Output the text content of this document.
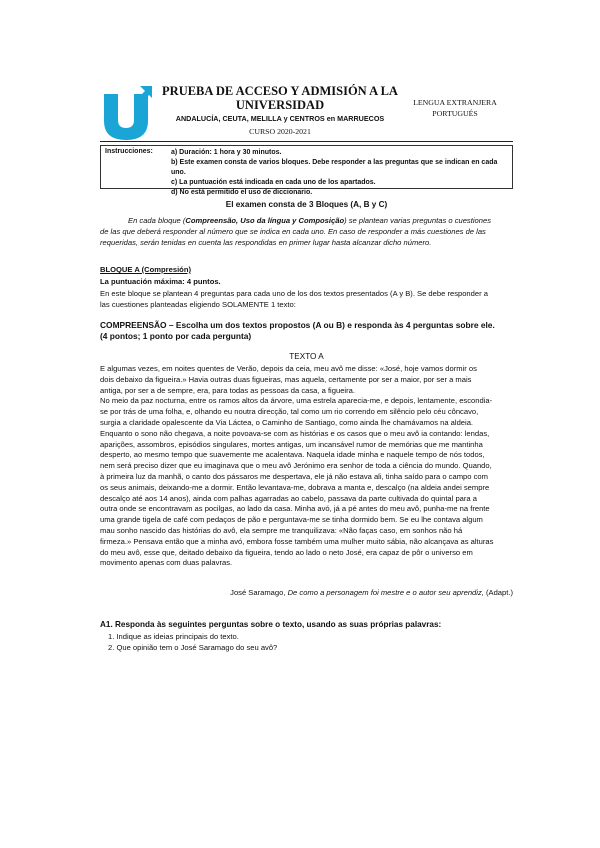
PRUEBA DE ACCESO Y ADMISIÓN A LA
UNIVERSIDAD
ANDALUCÍA, CEUTA, MELILLA y CENTROS en MARRUECOS
CURSO 2020-2021
LENGUA EXTRANJERA
PORTUGUÉS
Instrucciones:	a) Duración: 1 hora y 30 minutos.
b) Este examen consta de varios bloques. Debe responder a las preguntas que se indican en cada uno.
c) La puntuación está indicada en cada uno de los apartados.
d) No está permitido el uso de diccionario.
El examen consta de 3 Bloques (A, B y C)
En cada bloque (Compreensão, Uso da língua y Composição) se plantean varias preguntas o cuestiones
de las que deberá responder al número que se indica en cada uno. En caso de responder a más cuestiones de las
requeridas, serán tenidas en cuenta las respondidas en primer lugar hasta alcanzar dicho número.
BLOQUE A (Compresión)
La puntuación máxima: 4 puntos.
En este bloque se plantean 4 preguntas para cada uno de los dos textos presentados (A y B). Se debe responder a
las cuestiones planteadas eligiendo SOLAMENTE 1 texto:
COMPREENSÃO – Escolha um dos textos propostos (A ou B) e responda às 4 perguntas sobre ele.
(4 pontos; 1 ponto por cada pergunta)
TEXTO A
E algumas vezes, em noites quentes de Verão, depois da ceia, meu avô me disse: «José, hoje vamos dormir os
dois debaixo da figueira.» Havia outras duas figueiras, mas aquela, certamente por ser a maior, por ser a mais
antiga, por ser a de sempre, era, para todas as pessoas da casa, a figueira.
No meio da paz nocturna, entre os ramos altos da árvore, uma estrela aparecia-me, e depois, lentamente, escondia-
se por trás de uma folha, e, olhando eu noutra direcção, tal como um rio correndo em silêncio pelo céu côncavo,
surgia a claridade opalescente da Via Láctea, o Caminho de Santiago, como ainda lhe chamávamos na aldeia.
Enquanto o sono não chegava, a noite povoava-se com as histórias e os casos que o meu avô ia contando: lendas,
aparições, assombros, episódios singulares, mortes antigas, um incansável rumor de memórias que me mantinha
desperto, ao mesmo tempo que suavemente me acalentava. Naquela idade minha e naquele tempo de nós todos,
nem será preciso dizer que eu imaginava que o meu avô Jerónimo era senhor de toda a ciência do mundo. Quando,
à primeira luz da manhã, o canto dos pássaros me despertava, ele já não estava ali, tinha saído para o campo com
os seus animais, deixando-me a dormir. Então levantava-me, dobrava a manta e, descalço (na aldeia andei sempre
descalço até aos 14 anos), ainda com palhas agarradas ao cabelo, passava da parte cultivada do quintal para a
outra onde se encontravam as pocilgas, ao lado da casa. Minha avó, já a pé antes do meu avô, punha-me na frente
uma grande tigela de café com pedaços de pão e perguntava-me se tinha dormido bem. Se eu lhe contava algum
mau sonho nascido das histórias do avô, ela sempre me tranquilizava: «Não faças caso, em sonhos não há
firmeza.» Pensava então que a minha avó, embora fosse também uma mulher muito sábia, não alcançava as alturas
do meu avô, esse que, deitado debaixo da figueira, tendo ao lado o neto José, era capaz de pôr o universo em
movimento apenas com duas palavras.
José Saramago, De como a personagem foi mestre e o autor seu aprendiz, (Adapt.)
A1. Responda às seguintes perguntas sobre o texto, usando as suas próprias palavras:
1. Indique as ideias principais do texto.
2. Que opinião tem o José Saramago do seu avô?
